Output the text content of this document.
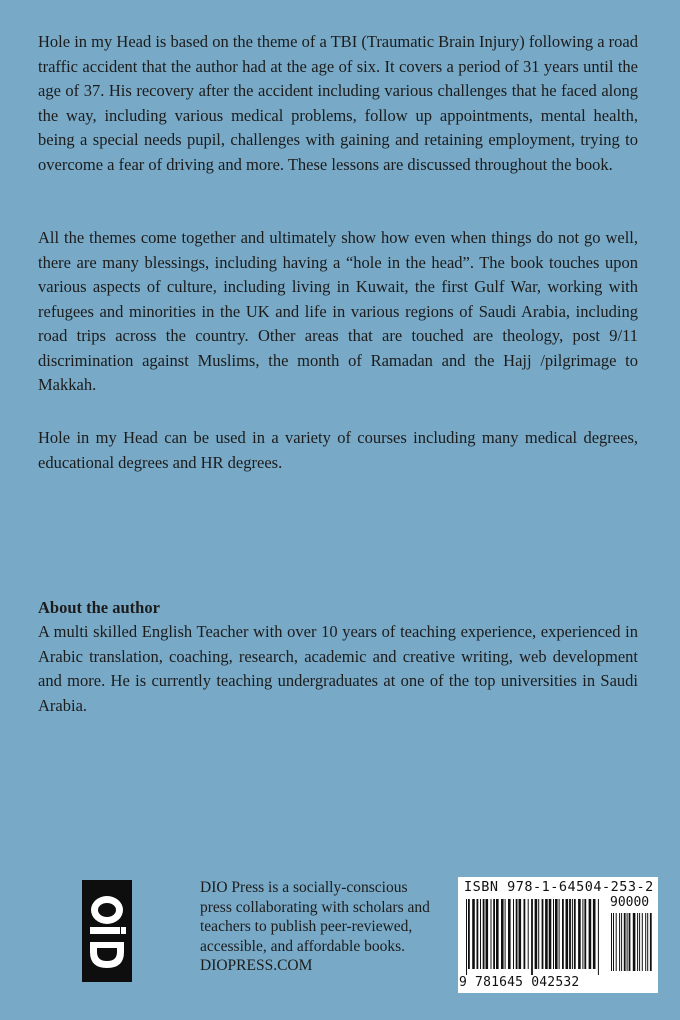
Hole in my Head is based on the theme of a TBI (Traumatic Brain Injury) following a road traffic accident that the author had at the age of six. It covers a period of 31 years until the age of 37. His recovery after the accident including various challenges that he faced along the way, including various medical problems, follow up appointments, mental health, being a special needs pupil, challenges with gaining and retaining employment, trying to overcome a fear of driving and more. These lessons are discussed throughout the book.

All the themes come together and ultimately show how even when things do not go well, there are many blessings, including having a “hole in the head”. The book touches upon various aspects of culture, including living in Kuwait, the first Gulf War, working with refugees and minorities in the UK and life in various regions of Saudi Arabia, including road trips across the country. Other areas that are touched are theology, post 9/11 discrimination against Muslims, the month of Ramadan and the Hajj /pilgrimage to Makkah.

Hole in my Head can be used in a variety of courses including many medical degrees, educational degrees and HR degrees.

About the author

A multi skilled English Teacher with over 10 years of teaching experience, experienced in Arabic translation, coaching, research, academic and creative writing, web development and more. He is currently teaching undergraduates at one of the top universities in Saudi Arabia.

DIO Press is a socially-conscious
press collaborating with scholars and
teachers to publish peer-reviewed,
accessible, and affordable books.
DIOPRESS.COM

ISBN 978-1-64504-253-2
90000
9 781645 042532
